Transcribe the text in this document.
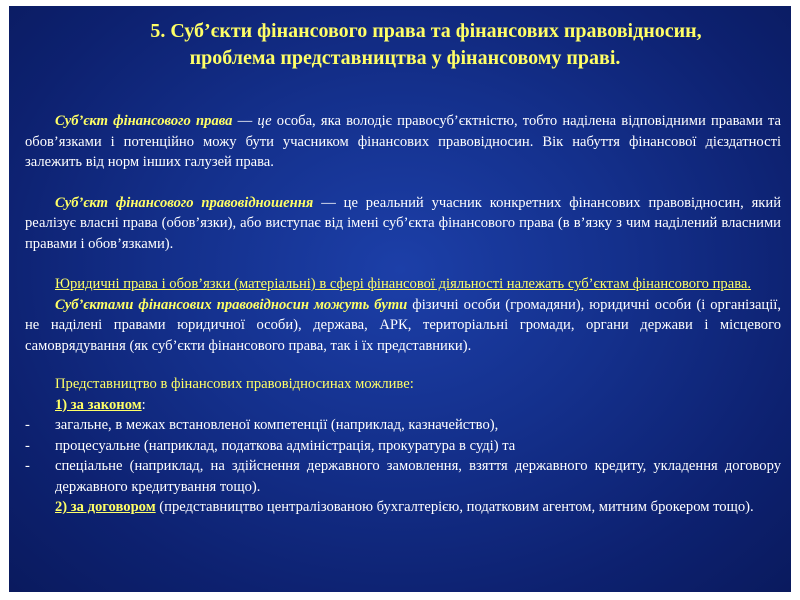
5. Суб’єкти фінансового права та фінансових правовідносин,
проблема представництва у фінансовому праві.

Суб’єкт фінансового права — це особа, яка володіє правосуб’єктністю, тобто наділена відповідними правами та обов’язками і потенційно можу бути учасником фінансових правовідносин. Вік набуття фінансової дієздатності залежить від норм інших галузей права.

Суб’єкт фінансового правовідношення — це реальний учасник конкретних фінансових правовідносин, який реалізує власні права (обов’язки), або виступає від імені суб’єкта фінансового права (в в’язку з чим наділений власними правами і обов’язками).

Юридичні права і обов’язки (матеріальні) в сфері фінансової діяльності належать суб’єктам фінансового права.

Суб’єктами фінансових правовідносин можуть бути фізичні особи (громадяни), юридичні особи (і організації, не наділені правами юридичної особи), держава, АРК, територіальні громади, органи держави і місцевого самоврядування (як суб’єкти фінансового права, так і їх представники).

Представництво в фінансових правовідносинах можливе:
1) за законом:
- загальне, в межах встановленої компетенції (наприклад, казначейство),
- процесуальне (наприклад, податкова адміністрація, прокуратура в суді) та
- спеціальне (наприклад, на здійснення державного замовлення, взяття державного кредиту, укладення договору державного кредитування тощо).
2) за договором (представництво централізованою бухгалтерією, податковим агентом, митним брокером тощо).
